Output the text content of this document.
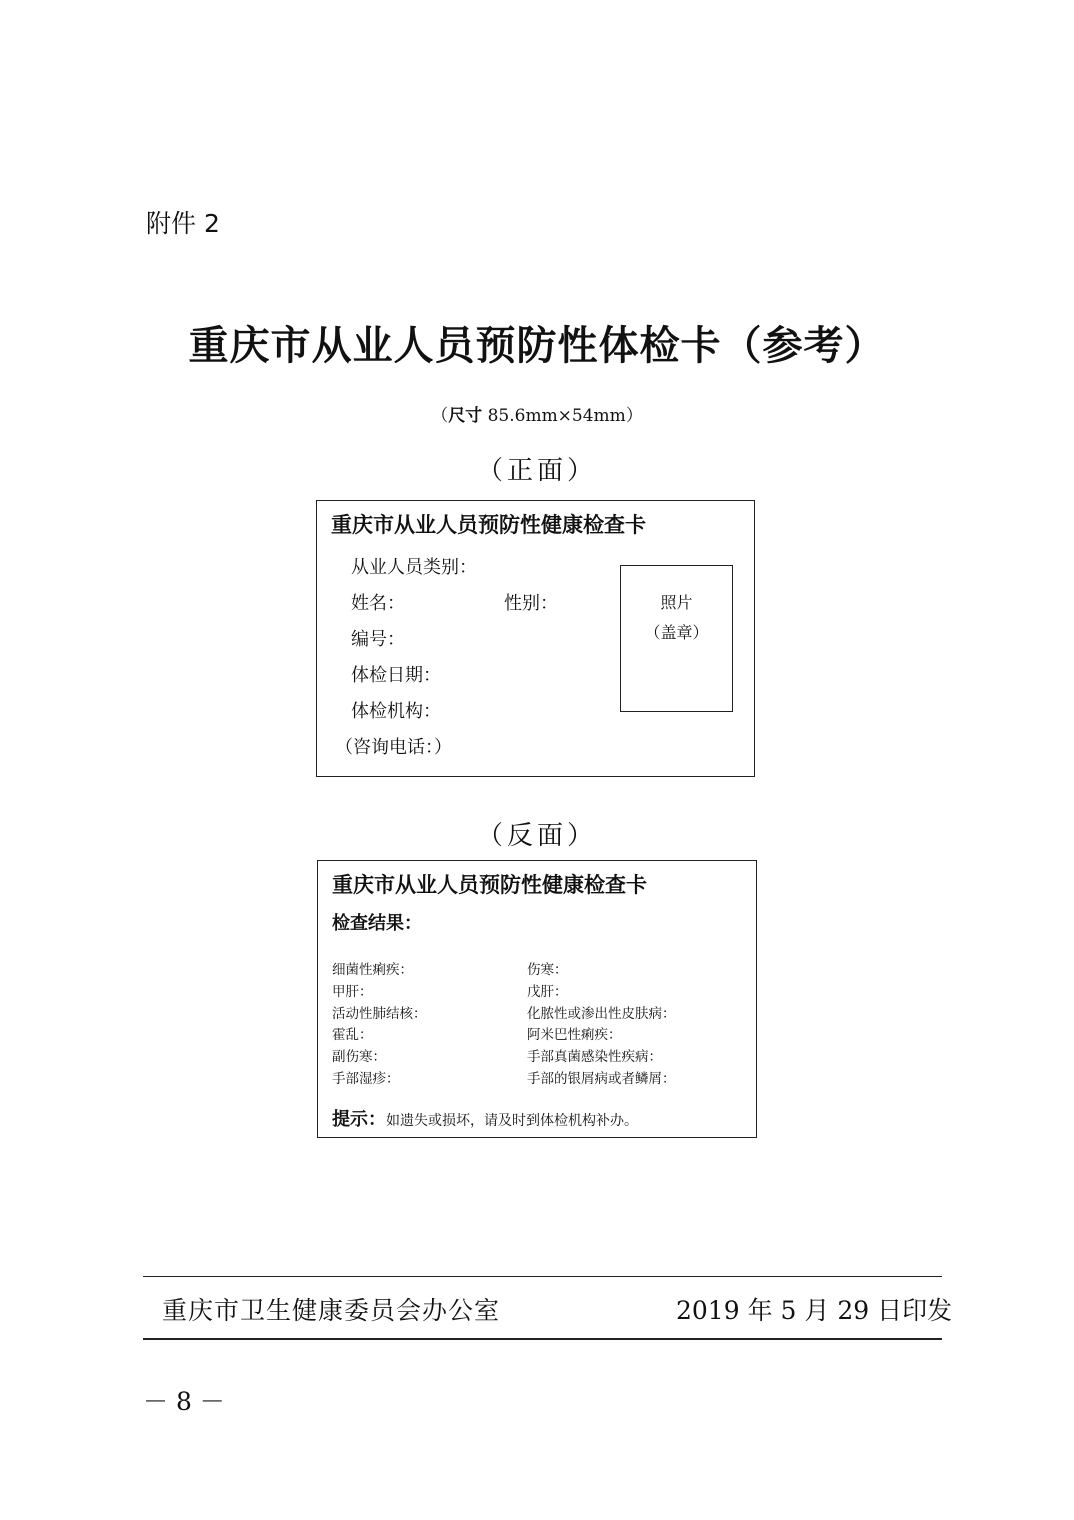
附件 2
重庆市从业人员预防性体检卡（参考）
（尺寸 85.6mm×54mm）
（正面）
重庆市从业人员预防性健康检查卡
从业人员类别：
姓名：	性别：
编号：
体检日期：
体检机构：
（咨询电话：）
照片
（盖章）
（反面）
重庆市从业人员预防性健康检查卡
检查结果：
细菌性痢疾：
甲肝：
活动性肺结核：
霍乱：
副伤寒：
手部湿疹：
伤寒：
戊肝：
化脓性或渗出性皮肤病：
阿米巴性痢疾：
手部真菌感染性疾病：
手部的银屑病或者鳞屑：
提示：如遗失或损坏，请及时到体检机构补办。
重庆市卫生健康委员会办公室	2019 年 5 月 29 日印发
－ 8 －
